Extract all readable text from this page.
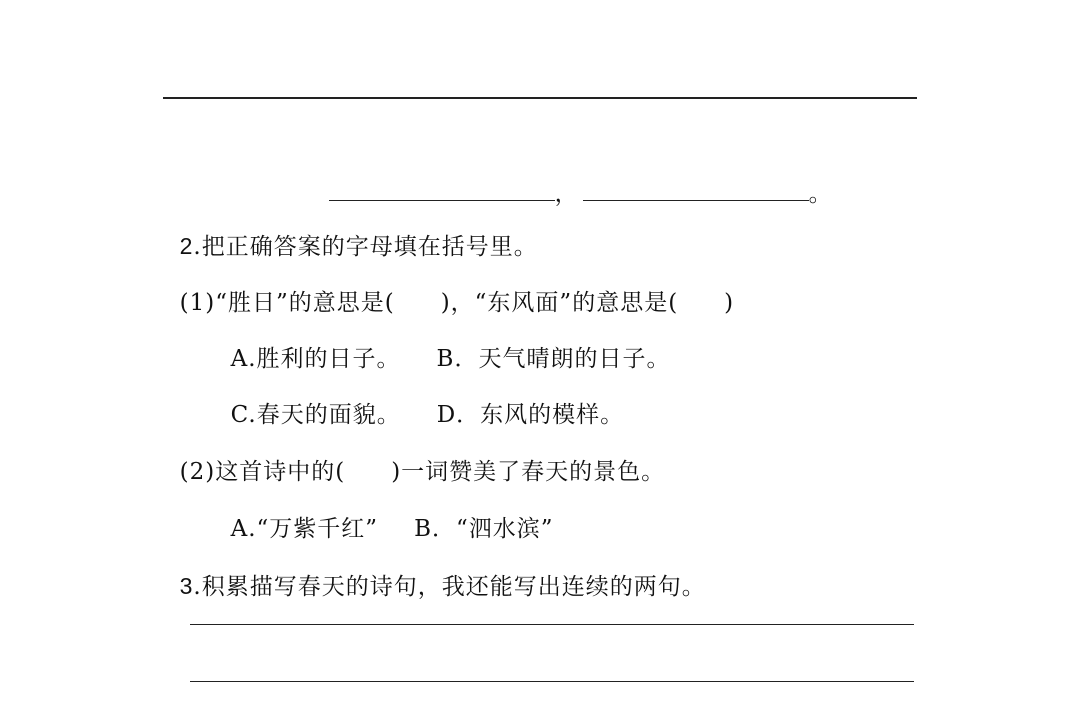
，	。

2.把正确答案的字母填在括号里。

(1)“胜日”的意思是( )，“东风面”的意思是( )

A.胜利的日子。 B．天气晴朗的日子。

C.春天的面貌。 D．东风的模样。

(2)这首诗中的( )一词赞美了春天的景色。

A.“万紫千红” B．“泗水滨”

3.积累描写春天的诗句，我还能写出连续的两句。
